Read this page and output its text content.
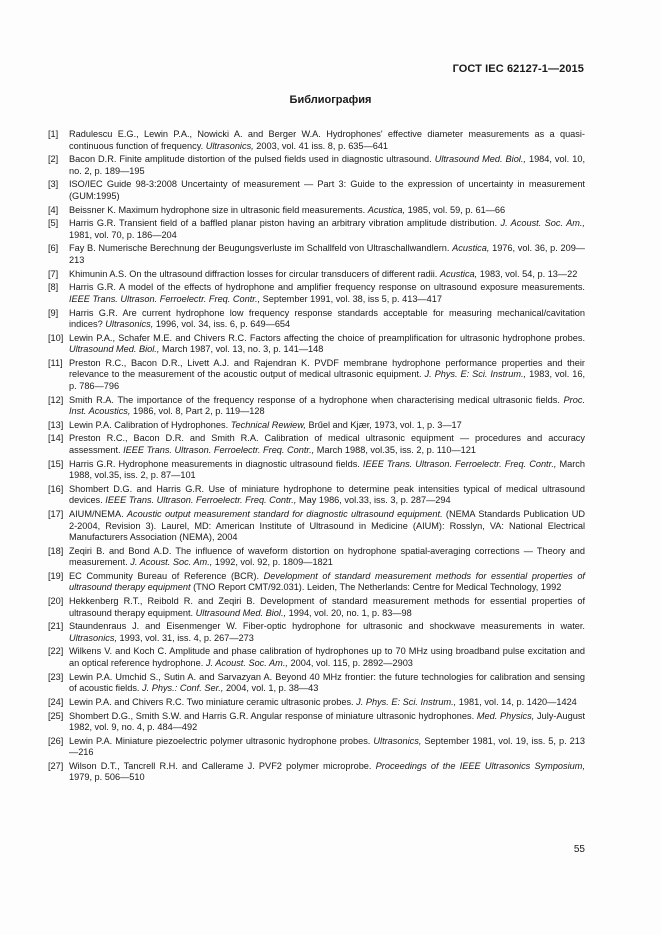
ГОСТ IEC 62127-1—2015
Библиография
[1]	Radulescu E.G., Lewin P.A., Nowicki A. and Berger W.A. Hydrophones' effective diameter measurements as a quasi-continuous function of frequency. Ultrasonics, 2003, vol. 41 iss. 8, p. 635—641
[2]	Bacon D.R. Finite amplitude distortion of the pulsed fields used in diagnostic ultrasound. Ultrasound Med. Biol., 1984, vol. 10, no. 2, p. 189—195
[3]	ISO/IEC Guide 98-3:2008 Uncertainty of measurement — Part 3: Guide to the expression of uncertainty in measurement (GUM:1995)
[4]	Beissner K. Maximum hydrophone size in ultrasonic field measurements. Acustica, 1985, vol. 59, p. 61—66
[5]	Harris G.R. Transient field of a baffled planar piston having an arbitrary vibration amplitude distribution. J. Acoust. Soc. Am., 1981, vol. 70, p. 186—204
[6]	Fay B. Numerische Berechnung der Beugungsverluste im Schallfeld von Ultraschallwandlern. Acustica, 1976, vol. 36, p. 209—213
[7]	Khimunin A.S. On the ultrasound diffraction losses for circular transducers of different radii. Acustica, 1983, vol. 54, p. 13—22
[8]	Harris G.R. A model of the effects of hydrophone and amplifier frequency response on ultrasound exposure measurements. IEEE Trans. Ultrason. Ferroelectr. Freq. Contr., September 1991, vol. 38, iss 5, p. 413—417
[9]	Harris G.R. Are current hydrophone low frequency response standards acceptable for measuring mechanical/cavitation indices? Ultrasonics, 1996, vol. 34, iss. 6, p. 649—654
[10] Lewin P.A., Schafer M.E. and Chivers R.C. Factors affecting the choice of preamplification for ultrasonic hydrophone probes. Ultrasound Med. Biol., March 1987, vol. 13, no. 3, p. 141—148
[11] Preston R.C., Bacon D.R., Livett A.J. and Rajendran K. PVDF membrane hydrophone performance properties and their relevance to the measurement of the acoustic output of medical ultrasonic equipment. J. Phys. E: Sci. Instrum., 1983, vol. 16, p. 786—796
[12] Smith R.A. The importance of the frequency response of a hydrophone when characterising medical ultrasonic fields. Proc. Inst. Acoustics, 1986, vol. 8, Part 2, p. 119—128
[13] Lewin P.A. Calibration of Hydrophones. Technical Rewiew, Brűel and Kjær, 1973, vol. 1, p. 3—17
[14] Preston R.C., Bacon D.R. and Smith R.A. Calibration of medical ultrasonic equipment — procedures and accuracy assessment. IEEE Trans. Ultrason. Ferroelectr. Freq. Contr., March 1988, vol.35, iss. 2, p. 110—121
[15] Harris G.R. Hydrophone measurements in diagnostic ultrasound fields. IEEE Trans. Ultrason. Ferroelectr. Freq. Contr., March 1988, vol.35, iss. 2, p. 87—101
[16] Shombert D.G. and Harris G.R. Use of miniature hydrophone to determine peak intensities typical of medical ultrasound devices. IEEE Trans. Ultrason. Ferroelectr. Freq. Contr., May 1986, vol.33, iss. 3, p. 287—294
[17] AIUM/NEMA. Acoustic output measurement standard for diagnostic ultrasound equipment. (NEMA Standards Publication UD 2-2004, Revision 3). Laurel, MD: American Institute of Ultrasound in Medicine (AIUM): Rosslyn, VA: National Electrical Manufacturers Association (NEMA), 2004
[18] Zeqiri B. and Bond A.D. The influence of waveform distortion on hydrophone spatial-averaging corrections — Theory and measurement. J. Acoust. Soc. Am., 1992, vol. 92, p. 1809—1821
[19] EC Community Bureau of Reference (BCR). Development of standard measurement methods for essential properties of ultrasound therapy equipment (TNO Report CMT/92.031). Leiden, The Netherlands: Centre for Medical Technology, 1992
[20] Hekkenberg R.T., Reibold R. and Zeqiri B. Development of standard measurement methods for essential properties of ultrasound therapy equipment. Ultrasound Med. Biol., 1994, vol. 20, no. 1, p. 83—98
[21] Staundenraus J. and Eisenmenger W. Fiber-optic hydrophone for ultrasonic and shockwave measurements in water. Ultrasonics, 1993, vol. 31, iss. 4, p. 267—273
[22] Wilkens V. and Koch C. Amplitude and phase calibration of hydrophones up to 70 MHz using broadband pulse excitation and an optical reference hydrophone. J. Acoust. Soc. Am., 2004, vol. 115, p. 2892—2903
[23] Lewin P.A. Umchid S., Sutin A. and Sarvazyan A. Beyond 40 MHz frontier: the future technologies for calibration and sensing of acoustic fields. J. Phys.: Conf. Ser., 2004, vol. 1, p. 38—43
[24] Lewin P.A. and Chivers R.C. Two miniature ceramic ultrasonic probes. J. Phys. E: Sci. Instrum., 1981, vol. 14, p. 1420—1424
[25] Shombert D.G., Smith S.W. and Harris G.R. Angular response of miniature ultrasonic hydrophones. Med. Physics, July-August 1982, vol. 9, no. 4, p. 484—492
[26] Lewin P.A. Miniature piezoelectric polymer ultrasonic hydrophone probes. Ultrasonics, September 1981, vol. 19, iss. 5, p. 213—216
[27] Wilson D.T., Tancrell R.H. and Callerame J. PVF2 polymer microprobe. Proceedings of the IEEE Ultrasonics Symposium, 1979, p. 506—510
55
